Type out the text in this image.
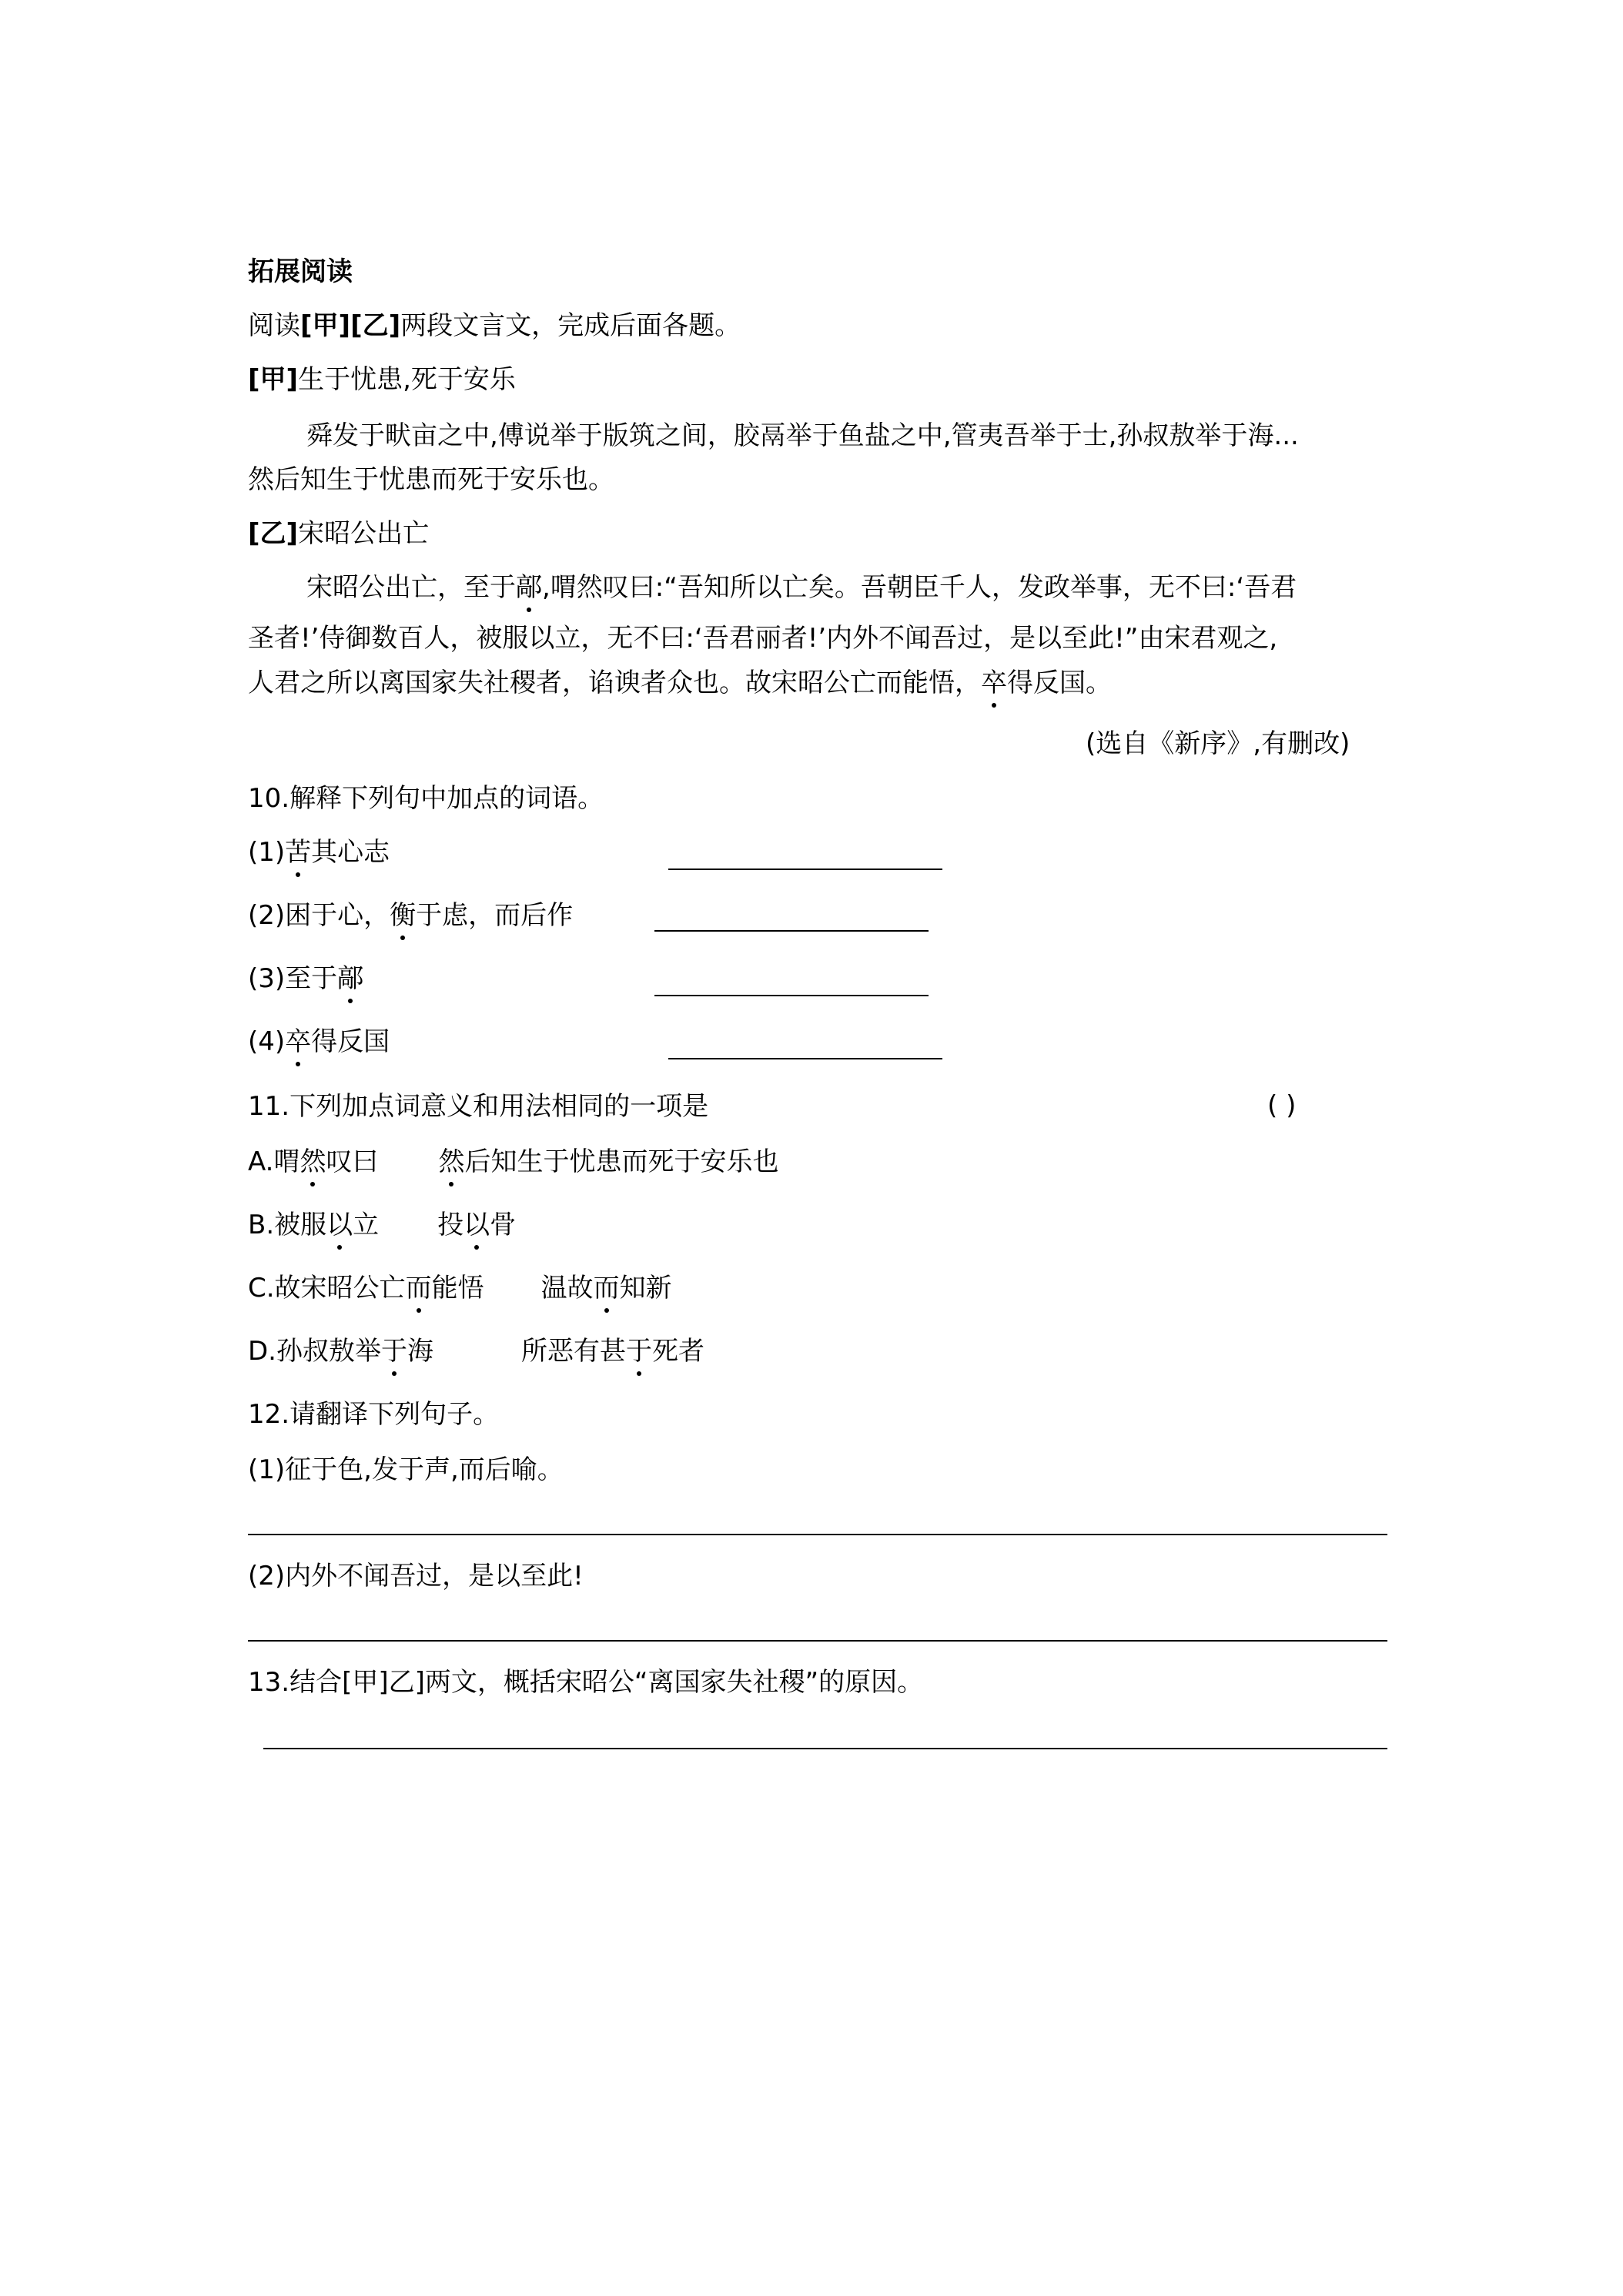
拓展阅读
阅读[甲][乙]两段文言文，完成后面各题。
[甲]生于忧患,死于安乐
舜发于畎亩之中,傅说举于版筑之间，胶鬲举于鱼盐之中,管夷吾举于士,孙叔敖举于海...
然后知生于忧患而死于安乐也。
[乙]宋昭公出亡
宋昭公出亡，至于鄗,喟然叹曰:“吾知所以亡矣。吾朝臣千人，发政举事，无不曰:‘吾君
圣者!’侍御数百人，被服以立，无不曰:‘吾君丽者!’内外不闻吾过，是以至此!”由宋君观之,
人君之所以离国家失社稷者，谄谀者众也。故宋昭公亡而能悟，卒得反国。
(选自《新序》,有删改)
10.解释下列句中加点的词语。
(1)苦其心志
(2)困于心，衡于虑，而后作
(3)至于鄗
(4)卒得反国
11.下列加点词意义和用法相同的一项是	( )
A.喟然叹曰 然后知生于忧患而死于安乐也
B.被服以立 投以骨
C.故宋昭公亡而能悟 温故而知新
D.孙叔敖举于海	所恶有甚于死者
12.请翻译下列句子。
(1)征于色,发于声,而后喻。
(2)内外不闻吾过，是以至此!
13.结合[甲]乙]两文，概括宋昭公“离国家失社稷”的原因。
